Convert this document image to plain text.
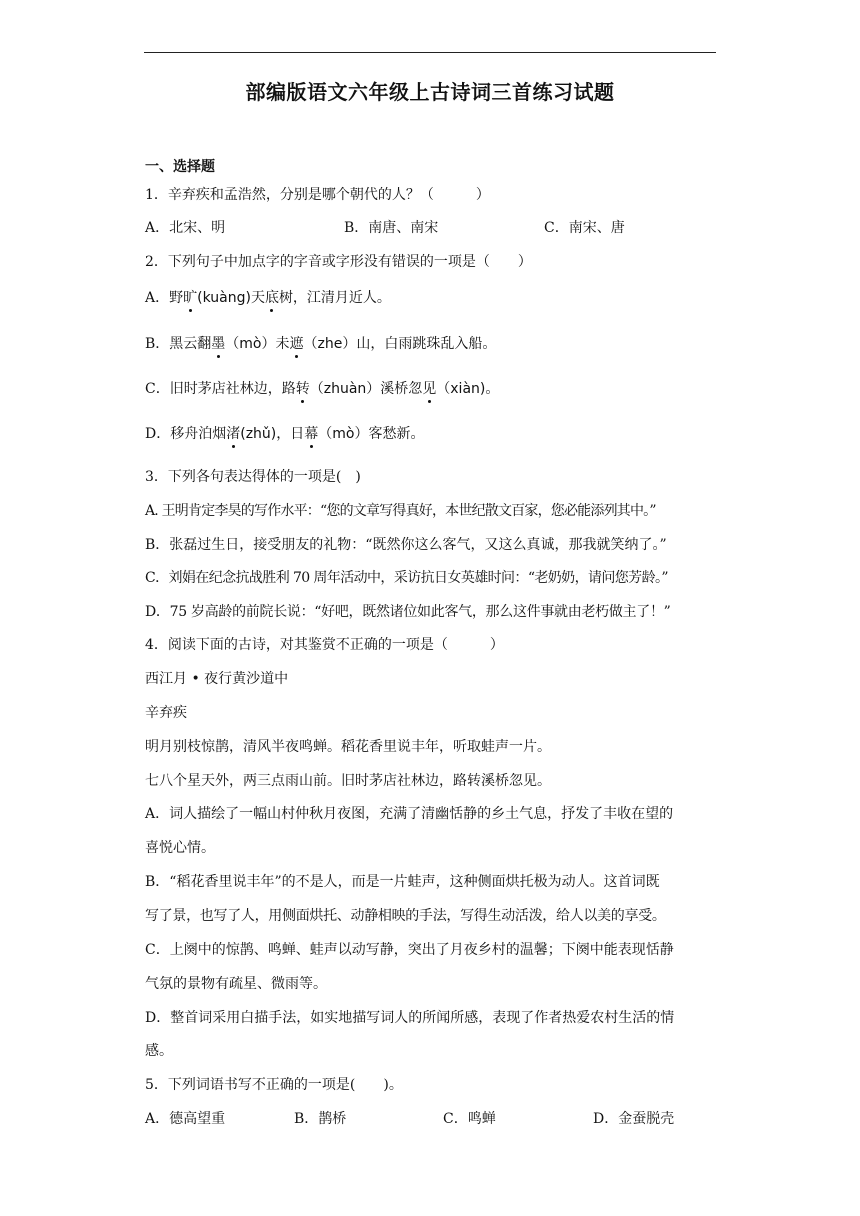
部编版语文六年级上古诗词三首练习试题
一、选择题
1．辛弃疾和孟浩然，分别是哪个朝代的人？（　　　）
A．北宋、明	B．南唐、南宋	C．南宋、唐
2．下列句子中加点字的字音或字形没有错误的一项是（　　）
A．野旷(kuàng)天底树，江清月近人。
B．黑云翻墨（mò）未遮（zhe）山，白雨跳珠乱入船。
C．旧时茅店社林边，路转（zhuàn）溪桥忽见（xiàn)。
D．移舟泊烟渚(zhǔ)，日幕（mò）客愁新。
3．下列各句表达得体的一项是(　)
A. 王明肯定李昊的写作水平：“您的文章写得真好，本世纪散文百家，您必能添列其中。”
B．张磊过生日，接受朋友的礼物：“既然你这么客气，又这么真诚，那我就笑纳了。”
C．刘娟在纪念抗战胜利 70 周年活动中，采访抗日女英雄时问：“老奶奶，请问您芳龄。”
D．75 岁高龄的前院长说：“好吧，既然诸位如此客气，那么这件事就由老朽做主了！”
4．阅读下面的古诗，对其鉴赏不正确的一项是（　　　）
西江月 • 夜行黄沙道中
辛弃疾
明月别枝惊鹊，清风半夜鸣蝉。稻花香里说丰年，听取蛙声一片。
七八个星天外，两三点雨山前。旧时茅店社林边，路转溪桥忽见。
A．词人描绘了一幅山村仲秋月夜图，充满了清幽恬静的乡土气息，抒发了丰收在望的
喜悦心情。
B．“稻花香里说丰年”的不是人，而是一片蛙声，这种侧面烘托极为动人。这首词既
写了景，也写了人，用侧面烘托、动静相映的手法，写得生动活泼，给人以美的享受。
C．上阕中的惊鹊、鸣蝉、蛙声以动写静，突出了月夜乡村的温馨；下阕中能表现恬静
气氛的景物有疏星、微雨等。
D．整首词采用白描手法，如实地描写词人的所闻所感，表现了作者热爱农村生活的情
感。
5．下列词语书写不正确的一项是(　　)。
A．德高望重	B．鹊桥	C．鸣蝉	D．金蚕脱壳
